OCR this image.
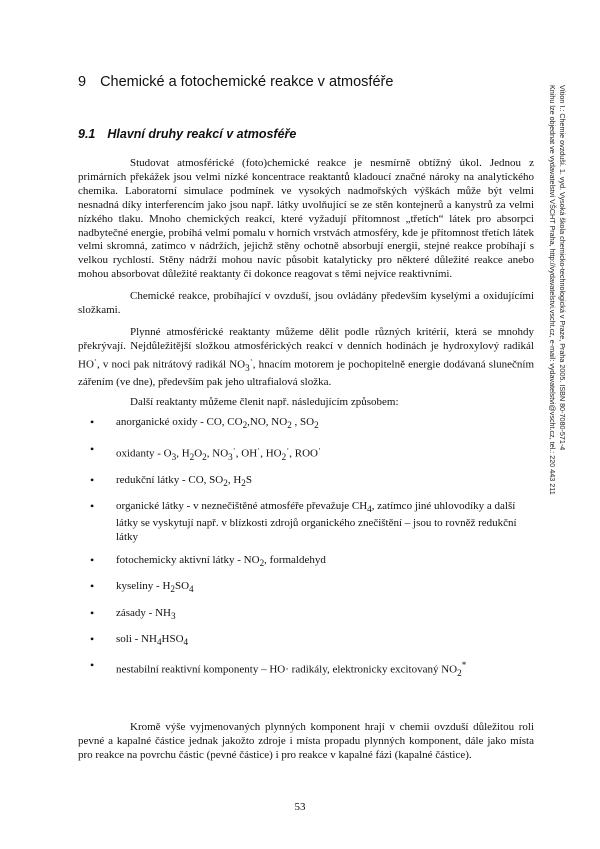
9 Chemické a fotochemické reakce v atmosféře
9.1 Hlavní druhy reakcí v atmosféře

Studovat atmosférické (foto)chemické reakce je nesmírně obtížný úkol. Jednou z primárních překážek jsou velmi nízké koncentrace reaktantů kladoucí značné nároky na analytického chemika. Laboratorní simulace podmínek ve vysokých nadmořských výškách může být velmi nesnadná díky interferencím jako jsou např. látky uvolňující se ze stěn kontejnerů a kanystrů za velmi nízkého tlaku. Mnoho chemických reakcí, které vyžadují přítomnost „třetích“ látek pro absorpci nadbytečné energie, probíhá velmi pomalu v horních vrstvách atmosféry, kde je přítomnost třetích látek velmi skromná, zatímco v nádržích, jejichž stěny ochotně absorbují energii, stejné reakce probíhají s velkou rychlostí. Stěny nádrží mohou navíc působit katalyticky pro některé důležité reakce anebo mohou absorbovat důležité reaktanty či dokonce reagovat s těmi nejvíce reaktivními.

Chemické reakce, probíhající v ovzduší, jsou ovládány především kyselými a oxidujícími složkami.

Plynné atmosférické reaktanty můžeme dělit podle různých kritérií, která se mnohdy překrývají. Nejdůležitější složkou atmosférických reakcí v denních hodinách je hydroxylový radikál HO·, v noci pak nitrátový radikál $NO_3^\cdot$, hnacím motorem je pochopitelně energie dodávaná slunečním zářením (ve dne), především pak jeho ultrafialová složka.

Další reaktanty můžeme členit např. následujícím způsobem:

• anorganické oxidy - CO, $CO_2,NO$, $NO_2$ , $SO_2$
• oxidanty - $O_3$, $H_2O_2$, $NO_3^\cdot$, OH·, $HO_2^\cdot$, ROO·
• redukční látky - CO, $SO_2$, $H_2S$
• organické látky - v neznečištěné atmosféře převažuje $CH_4$, zatímco jiné uhlovodíky a další látky se vyskytují např. v blízkosti zdrojů organického znečištění – jsou to rovněž redukční látky
• fotochemicky aktivní látky - $NO_2$, formaldehyd
• kyseliny - $H_2SO_4$
• zásady - $NH_3$
• soli - $NH_4HSO_4$
• nestabilní reaktivní komponenty – HO· radikály, elektronicky excitovaný $NO_2^*$

Kromě výše vyjmenovaných plynných komponent hrají v chemii ovzduší důležitou roli pevné a kapalné částice jednak jakožto zdroje i místa propadu plynných komponent, dále jako místa pro reakce na povrchu částic (pevné částice) i pro reakce v kapalné fázi (kapalné částice).

53
Vítion I.: Chemie ovzduší. 1. vyd. Vysoká škola chemicko-technologická v Praze, Praha 2005. ISBN 80-7080-571-4
Knihu lze objednat ve vydavatelství VŠCHT Praha, http://vydavatelstvi.vscht.cz, e-mail: vydavatelstvi@vscht.cz, tel.: 220 443 211
